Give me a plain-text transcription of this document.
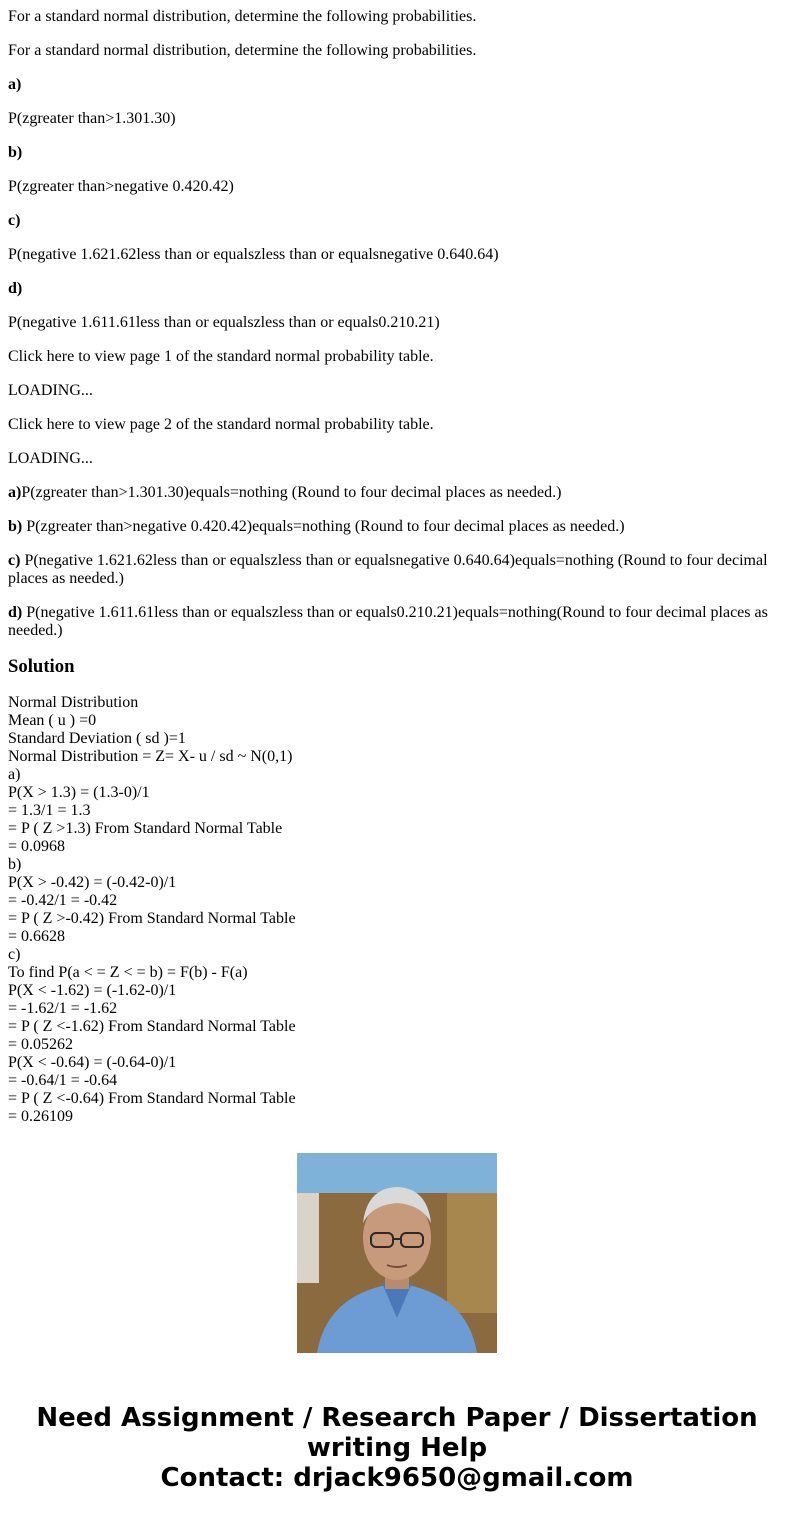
For a standard normal distribution, determine the following probabilities.

For a standard normal distribution, determine the following probabilities.

a)

P(zgreater than>1.301.30)

b)

P(zgreater than>negative 0.420.42)

c)

P(negative 1.621.62less than or equalszless than or equalsnegative 0.640.64)

d)

P(negative 1.611.61less than or equalszless than or equals0.210.21)

Click here to view page 1 of the standard normal probability table.

LOADING...

Click here to view page 2 of the standard normal probability table.

LOADING...

a)P(zgreater than>1.301.30)equals=nothing (Round to four decimal places as needed.)

b) P(zgreater than>negative 0.420.42)equals=nothing (Round to four decimal places as needed.)

c) P(negative 1.621.62less than or equalszless than or equalsnegative 0.640.64)equals=nothing (Round to four decimal places as needed.)

d) P(negative 1.611.61less than or equalszless than or equals0.210.21)equals=nothing(Round to four decimal places as needed.)

Solution
Normal Distribution
Mean ( u ) =0
Standard Deviation ( sd )=1
Normal Distribution = Z= X- u / sd ~ N(0,1)
a)
P(X > 1.3) = (1.3-0)/1
= 1.3/1 = 1.3
= P ( Z >1.3) From Standard Normal Table
= 0.0968
b)
P(X > -0.42) = (-0.42-0)/1
= -0.42/1 = -0.42
= P ( Z >-0.42) From Standard Normal Table
= 0.6628
c)
To find P(a < = Z < = b) = F(b) - F(a)
P(X < -1.62) = (-1.62-0)/1
= -1.62/1 = -1.62
= P ( Z <-1.62) From Standard Normal Table
= 0.05262
P(X < -0.64) = (-0.64-0)/1
= -0.64/1 = -0.64
= P ( Z <-0.64) From Standard Normal Table
= 0.26109
Need Assignment / Research Paper / Dissertation
writing Help
Contact: drjack9650@gmail.com
